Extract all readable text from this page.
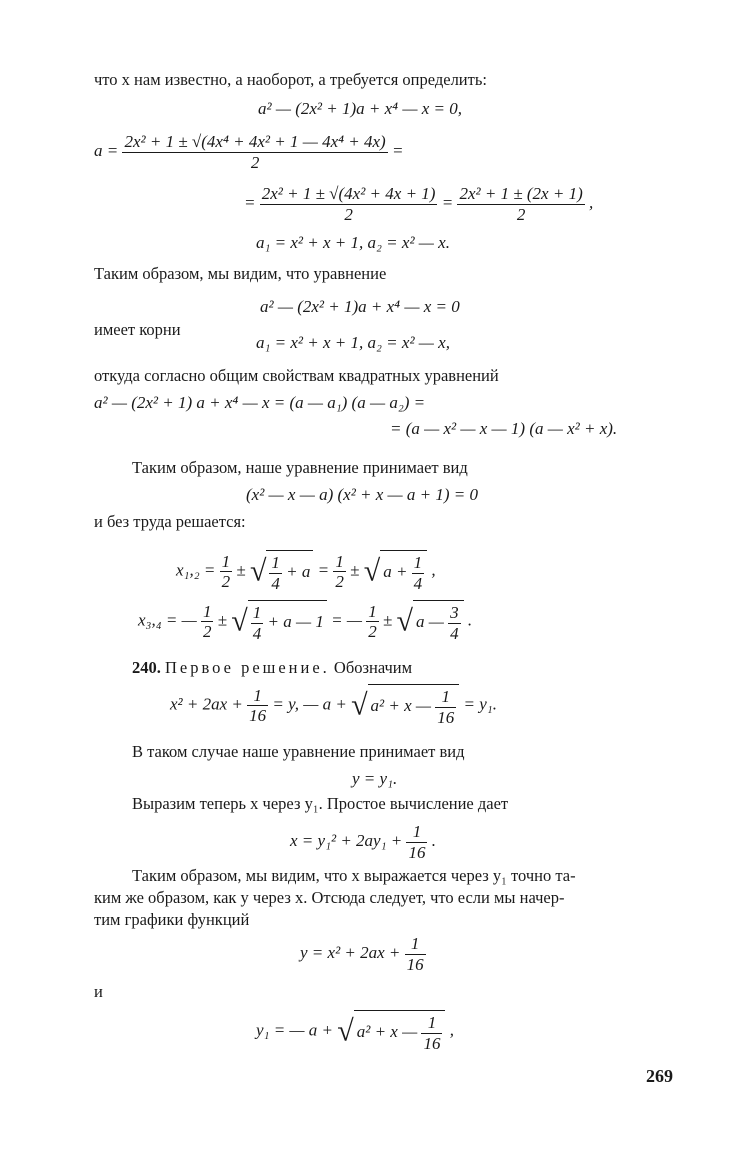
что x нам известно, а наоборот, a требуется определить:
a² — (2x² + 1)a + x⁴ — x = 0,
$a = \frac{\text{2x² + 1 ± √(4x⁴ + 4x² + 1 — 4x⁴ + 4x)}}{2}$ =
= $\frac{\text{2x² + 1 ± √(4x² + 4x + 1)}}{2} = \frac{\text{2x² + 1 ± (2x + 1)}}{2}$ ,
a₁ = x² + x + 1, a₂ = x² — x.
Таким образом, мы видим, что уравнение
a² — (2x² + 1)a + x⁴ — x = 0
имеет корни
a₁ = x² + x + 1, a₂ = x² — x,
откуда согласно общим свойствам квадратных уравнений
a² — (2x² + 1) a + x⁴ — x = (a — a₁) (a — a₂) =
= (a — x² — x — 1) (a — x² + x).
Таким образом, наше уравнение принимает вид
(x² — x — a) (x² + x — a + 1) = 0
и без труда решается:
$x_1,_2 = \frac{1}{2}$ ± √ $\frac{1}{4} + a = \frac{1}{2}$ ± √ $a + \frac{1}{4}$ ,
x₃,₄ = — $\frac{1}{2}$ ± √ $\frac{1}{4} + a$ — 1 = — $\frac{1}{2}$ ± √ a — $\frac{3}{4}$ .
240. Первое решение. Обозначим
$x^2 + 2ax + \frac{1}{16} = y$, — a + √ a² + x — $\frac{1}{16} = y_1$.
В таком случае наше уравнение принимает вид
y = y₁.
Выразим теперь x через y₁. Простое вычисление дает
$x = y_1^2 + 2ay_1 + \frac{1}{16}$ .
Таким образом, мы видим, что x выражается через y₁ точно та-
ким же образом, как y через x. Отсюда следует, что если мы начер-
тим графики функций
$y = x^2 + 2ax + \frac{1}{16}$
и
y₁ = — a + √ a² + x — $\frac{1}{16}$ ,
269
